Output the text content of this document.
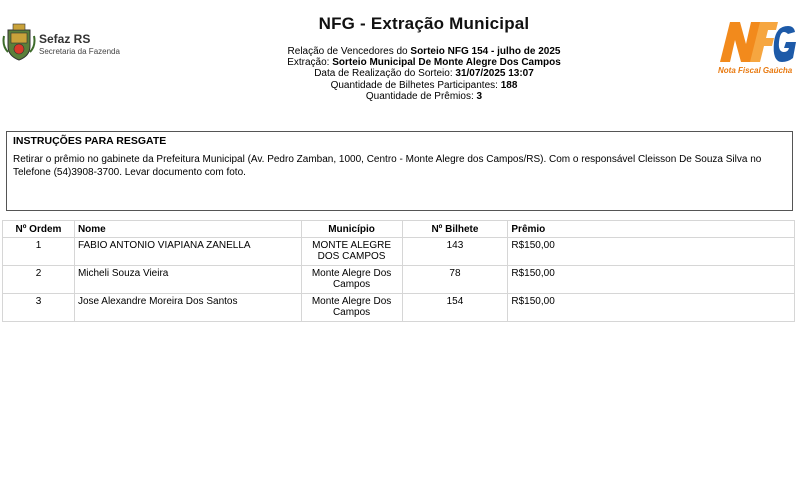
Sefaz RS
Secretaria da Fazenda
NFG - Extração Municipal
Relação de Vencedores do Sorteio NFG 154 - julho de 2025
Extração: Sorteio Municipal De Monte Alegre Dos Campos
Data de Realização do Sorteio: 31/07/2025 13:07
Quantidade de Bilhetes Participantes: 188
Quantidade de Prêmios: 3
Nota Fiscal Gaúcha
INSTRUÇÕES PARA RESGATE
Retirar o prêmio no gabinete da Prefeitura Municipal (Av. Pedro Zamban, 1000, Centro - Monte Alegre dos Campos/RS). Com o responsável Cleisson De Souza Silva no Telefone (54)3908-3700. Levar documento com foto.
Nº Ordem	Nome	Município	Nº Bilhete	Prêmio
1	FABIO ANTONIO VIAPIANA ZANELLA	MONTE ALEGRE DOS CAMPOS	143	R$150,00
2	Micheli Souza Vieira	Monte Alegre Dos Campos	78	R$150,00
3	Jose Alexandre Moreira Dos Santos	Monte Alegre Dos Campos	154	R$150,00
